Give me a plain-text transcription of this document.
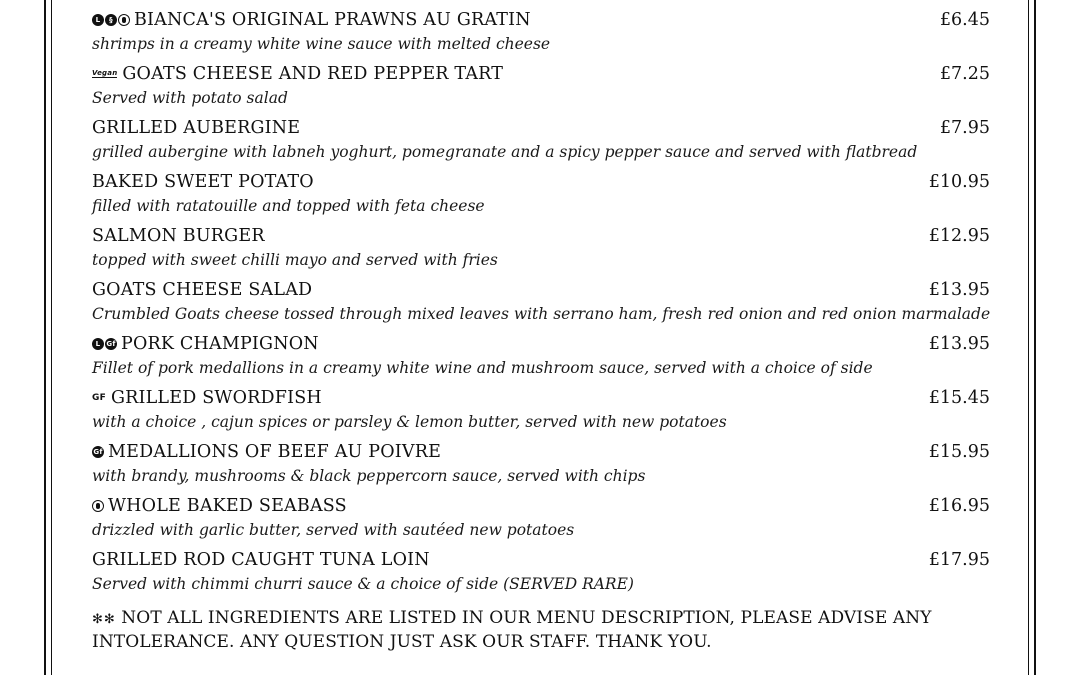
L § BIANCA'S ORIGINAL PRAWNS AU GRATIN	£6.45
shrimps in a creamy white wine sauce with melted cheese
Vegan GOATS CHEESE AND RED PEPPER TART	£7.25
Served with potato salad
GRILLED AUBERGINE	£7.95
grilled aubergine with labneh yoghurt, pomegranate and a spicy pepper sauce and served with flatbread
BAKED SWEET POTATO	£10.95
filled with ratatouille and topped with feta cheese
SALMON BURGER	£12.95
topped with sweet chilli mayo and served with fries
GOATS CHEESE SALAD	£13.95
Crumbled Goats cheese tossed through mixed leaves with serrano ham, fresh red onion and red onion marmalade
L Gf PORK CHAMPIGNON	£13.95
Fillet of pork medallions in a creamy white wine and mushroom sauce, served with a choice of side
GF GRILLED SWORDFISH	£15.45
with a choice , cajun spices or parsley & lemon butter, served with new potatoes
Gf MEDALLIONS OF BEEF AU POIVRE	£15.95
with brandy, mushrooms & black peppercorn sauce, served with chips
WHOLE BAKED SEABASS	£16.95
drizzled with garlic butter, served with sautéed new potatoes
GRILLED ROD CAUGHT TUNA LOIN	£17.95
Served with chimmi churri sauce & a choice of side (SERVED RARE)
✻✻ NOT ALL INGREDIENTS ARE LISTED IN OUR MENU DESCRIPTION, PLEASE ADVISE ANY
INTOLERANCE. ANY QUESTION JUST ASK OUR STAFF. THANK YOU.
